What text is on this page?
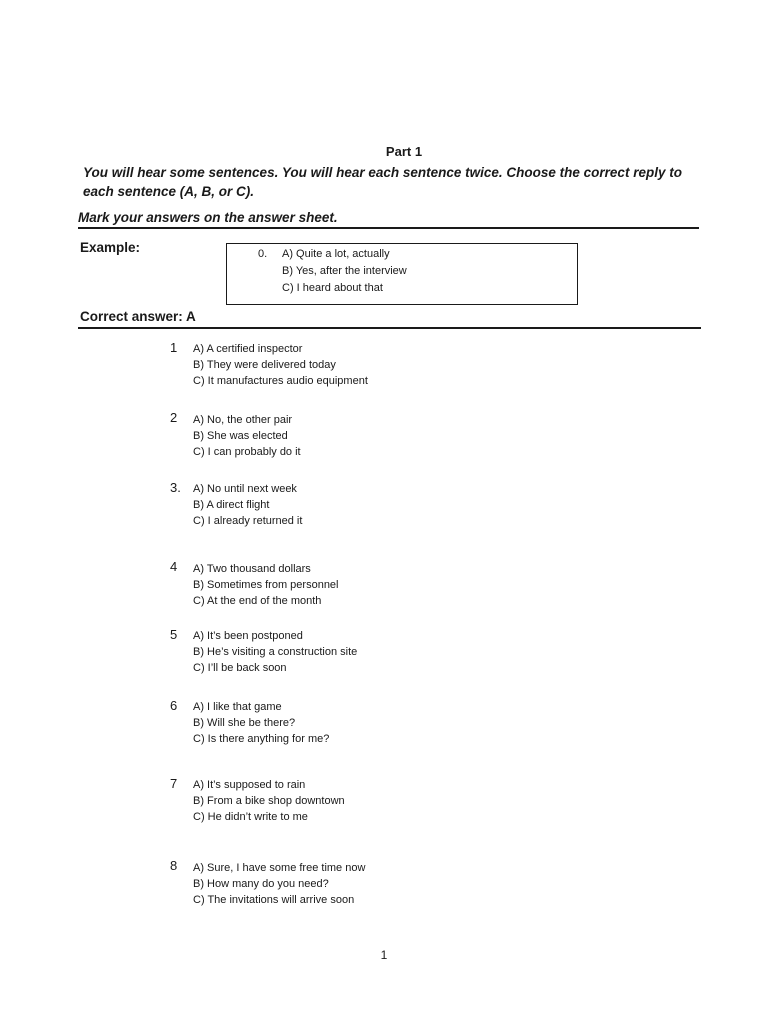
Part 1
You will hear some sentences. You will hear each sentence twice. Choose the correct reply to each sentence (A, B, or C).
Mark your answers on the answer sheet.
Example:	0. A) Quite a lot, actually
B) Yes, after the interview
C) I heard about that
Correct answer: A
1 A) A certified inspector
B) They were delivered today
C) It manufactures audio equipment
2 A) No, the other pair
B) She was elected
C) I can probably do it
3. A) No until next week
B) A direct flight
C) I already returned it
4 A) Two thousand dollars
B) Sometimes from personnel
C) At the end of the month
5 A) It’s been postponed
B) He’s visiting a construction site
C) I’ll be back soon
6 A) I like that game
B) Will she be there?
C) Is there anything for me?
7 A) It’s supposed to rain
B) From a bike shop downtown
C) He didn’t write to me
8 A) Sure, I have some free time now
B) How many do you need?
C) The invitations will arrive soon
1
